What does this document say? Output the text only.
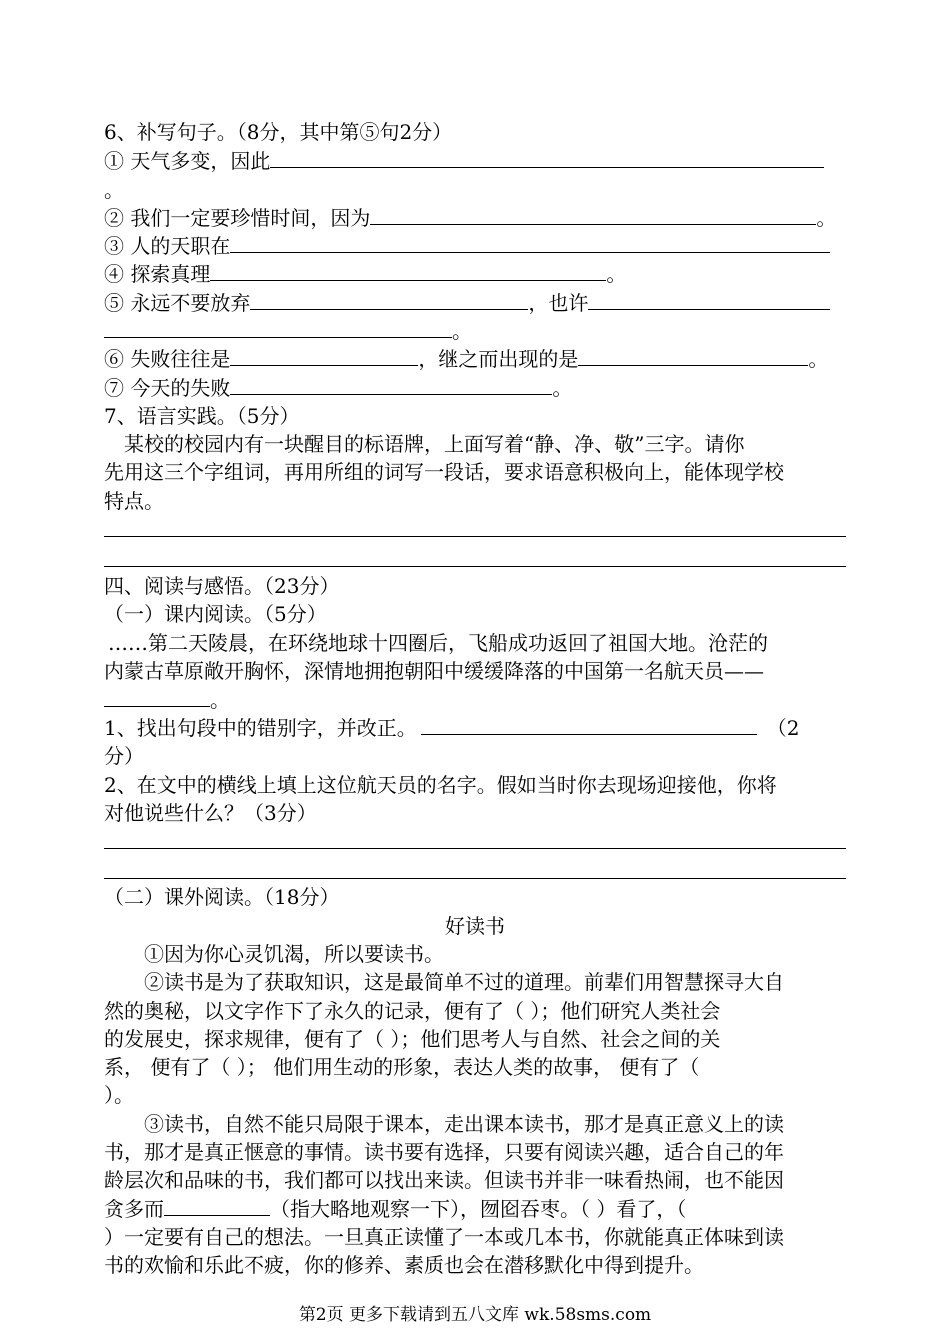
6、补写句子。（8分，其中第⑤句2分）
① 天气多变，因此
。
② 我们一定要珍惜时间，因为	。
③ 人的天职在
④ 探索真理	。
⑤ 永远不要放弃	，也许
。
⑥ 失败往往是	，继之而出现的是	。
⑦ 今天的失败	。
7、语言实践。（5分）
某校的校园内有一块醒目的标语牌，上面写着“静、净、敬”三字。请你
先用这三个字组词，再用所组的词写一段话，要求语意积极向上，能体现学校
特点。
四、阅读与感悟。（23分）
（一）课内阅读。（5分）
……第二天陵晨，在环绕地球十四圈后，飞船成功返回了祖国大地。沧茫的
内蒙古草原敞开胸怀，深情地拥抱朝阳中缓缓降落的中国第一名航天员——
。
1、找出句段中的错别字，并改正。	（2
分）
2、在文中的横线上填上这位航天员的名字。假如当时你去现场迎接他，你将
对他说些什么？（3分）
（二）课外阅读。（18分）
好读书
①因为你心灵饥渴，所以要读书。
②读书是为了获取知识，这是最简单不过的道理。前辈们用智慧探寻大自
然的奥秘，以文字作下了永久的记录，便有了（ ）；他们研究人类社会
的发展史，探求规律，便有了（ ）；他们思考人与自然、社会之间的关
系， 便有了（ ）； 他们用生动的形象，表达人类的故事， 便有了（
）。
③读书，自然不能只局限于课本，走出课本读书，那才是真正意义上的读
书，那才是真正惬意的事情。读书要有选择，只要有阅读兴趣，适合自己的年
龄层次和品味的书，我们都可以找出来读。但读书并非一味看热闹，也不能因
贪多而	（指大略地观察一下），囫囵吞枣。（ ）看了，（
）一定要有自己的想法。一旦真正读懂了一本或几本书，你就能真正体味到读
书的欢愉和乐此不疲，你的修养、素质也会在潜移默化中得到提升。
第2页 更多下载请到五八文库 wk.58sms.com
